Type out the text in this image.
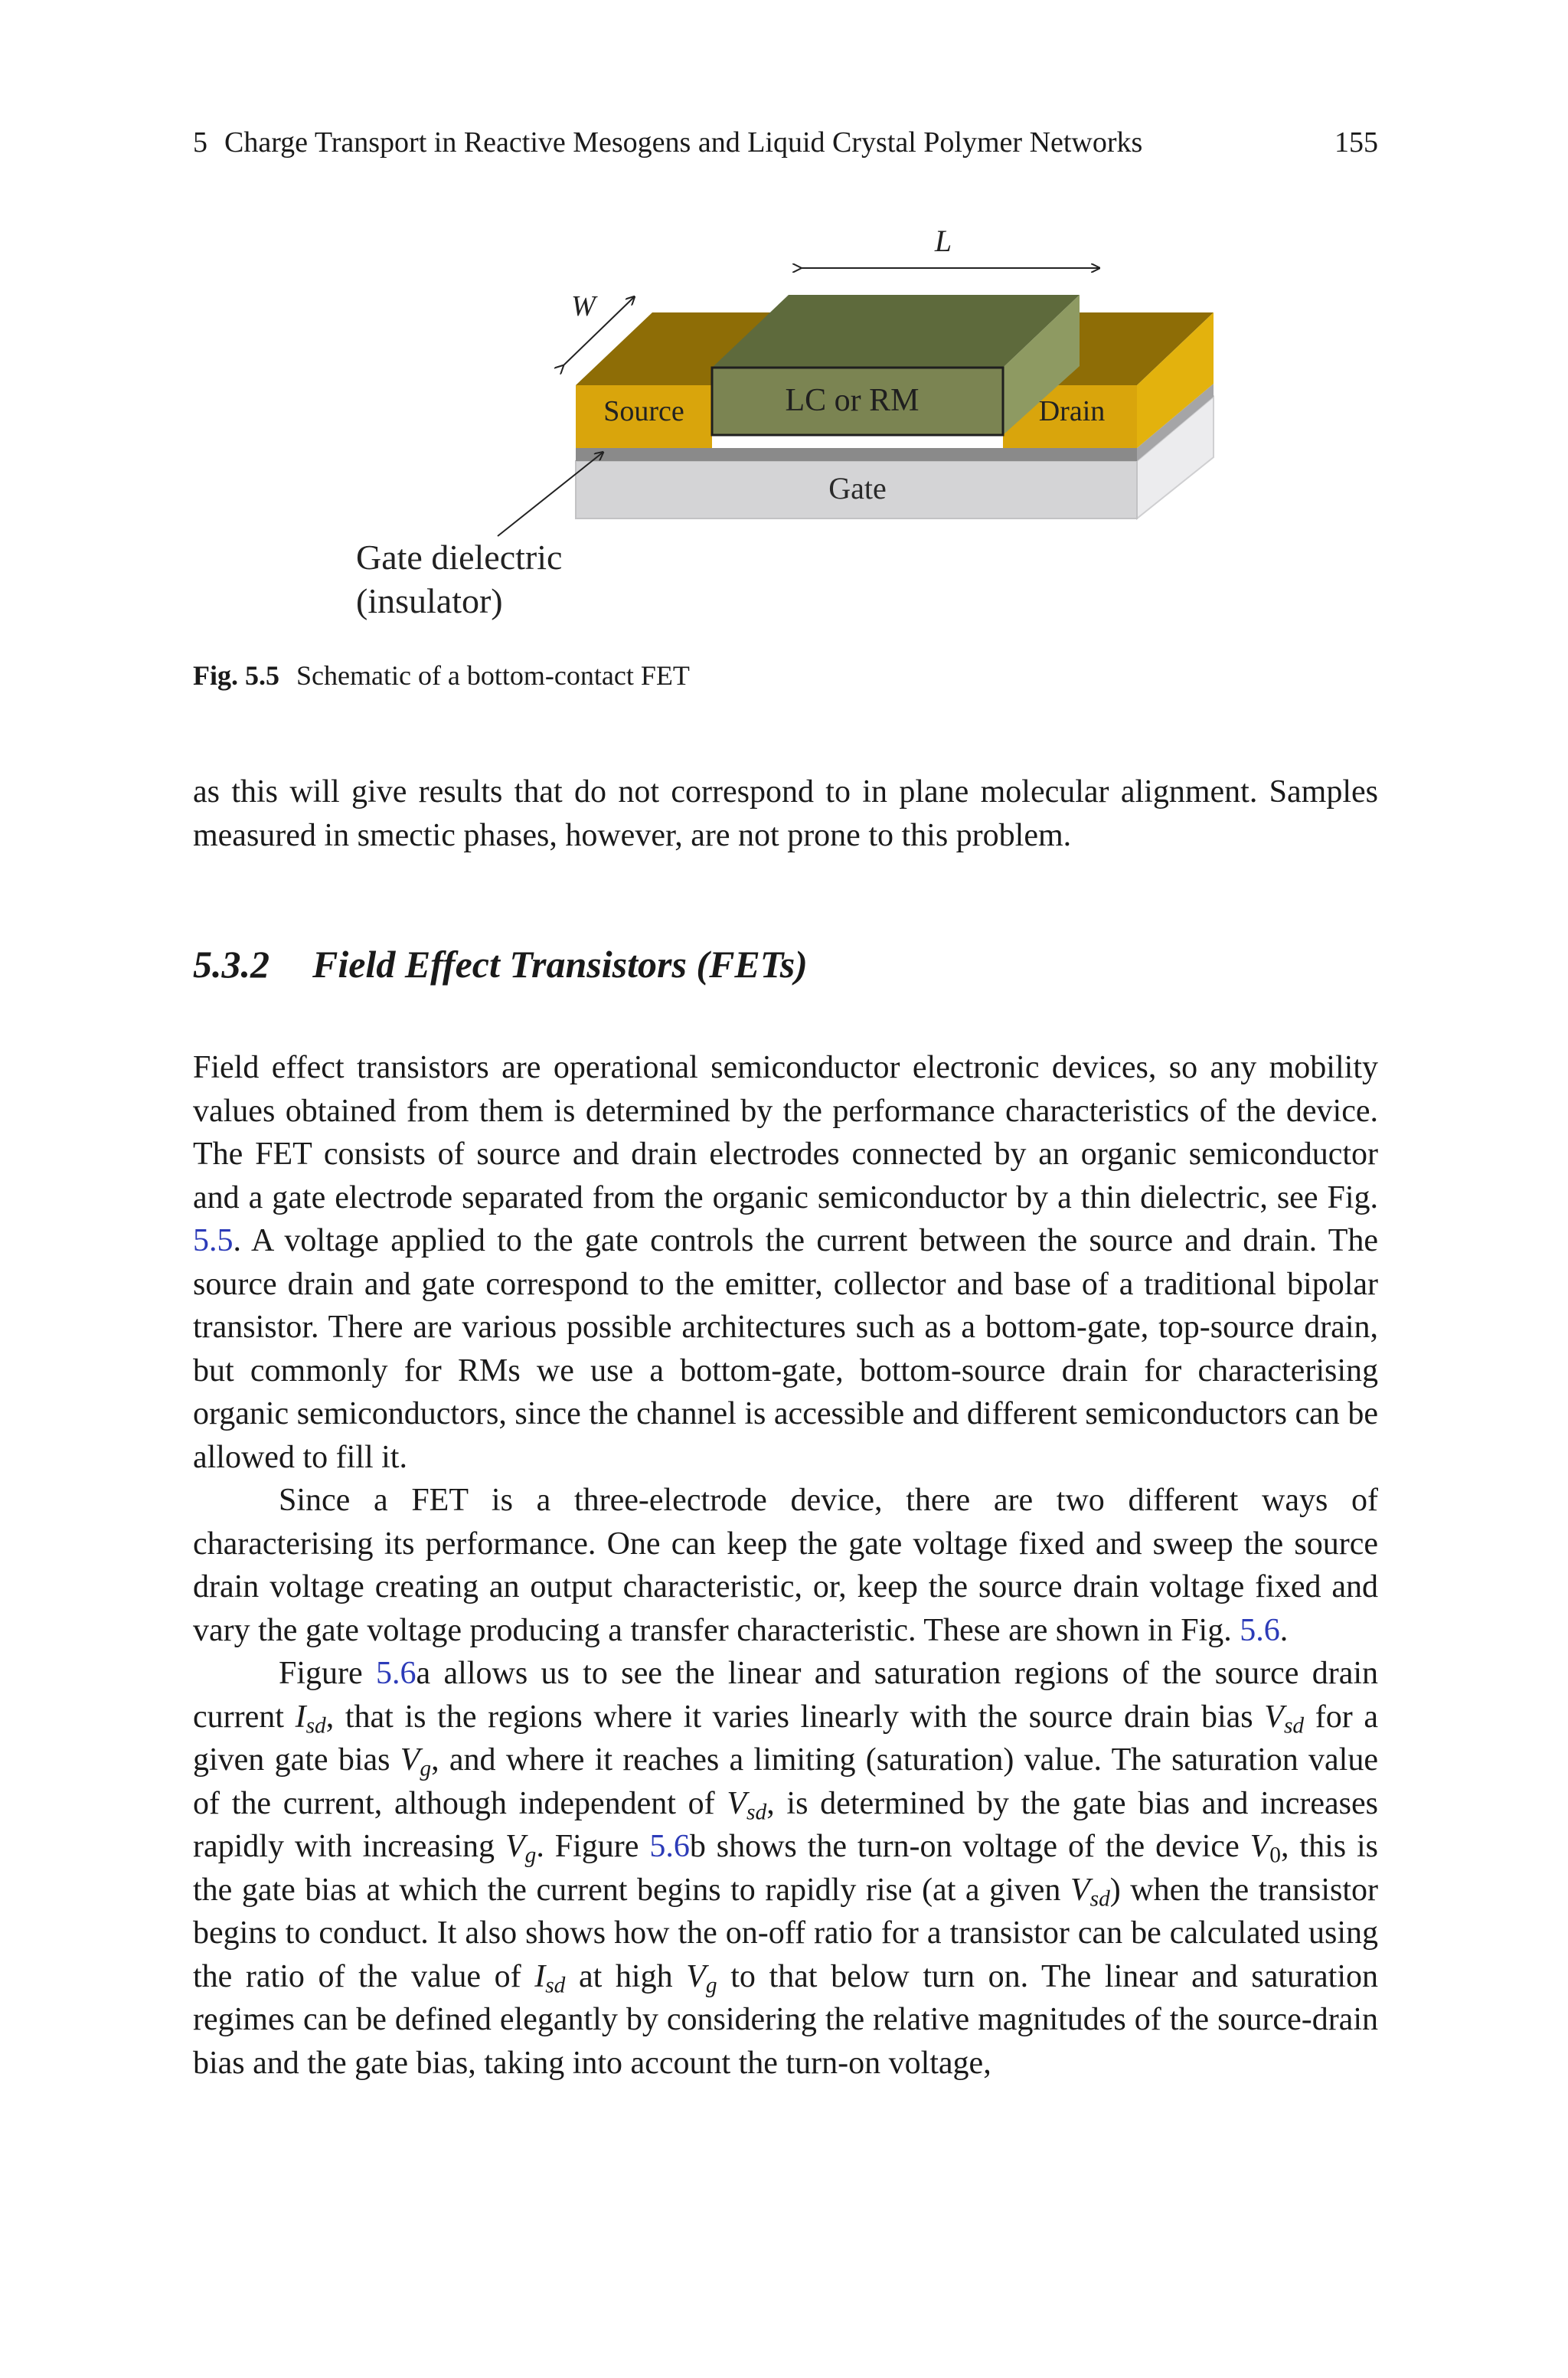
5 Charge Transport in Reactive Mesogens and Liquid Crystal Polymer Networks	155
Source	Drain
LC or RM
Gate
L
W
Gate dielectric
(insulator)
Fig. 5.5 Schematic of a bottom-contact FET

as this will give results that do not correspond to in plane molecular alignment. Samples measured in smectic phases, however, are not prone to this problem.

5.3.2 Field Effect Transistors (FETs)

Field effect transistors are operational semiconductor electronic devices, so any mobility values obtained from them is determined by the performance characteristics of the device. The FET consists of source and drain electrodes connected by an organic semiconductor and a gate electrode separated from the organic semiconductor by a thin dielectric, see Fig. 5.5. A voltage applied to the gate controls the current between the source and drain. The source drain and gate correspond to the emitter, collector and base of a traditional bipolar transistor. There are various possible architectures such as a bottom-gate, top-source drain, but commonly for RMs we use a bottom-gate, bottom-source drain for characterising organic semiconductors, since the channel is accessible and different semiconductors can be allowed to fill it.

Since a FET is a three-electrode device, there are two different ways of characterising its performance. One can keep the gate voltage fixed and sweep the source drain voltage creating an output characteristic, or, keep the source drain voltage fixed and vary the gate voltage producing a transfer characteristic. These are shown in Fig. 5.6.

Figure 5.6a allows us to see the linear and saturation regions of the source drain current $I_{sd}$, that is the regions where it varies linearly with the source drain bias $V_{sd}$ for a given gate bias $V_g$, and where it reaches a limiting (saturation) value. The saturation value of the current, although independent of $V_{sd}$, is determined by the gate bias and increases rapidly with increasing $V_g$. Figure 5.6b shows the turn-on voltage of the device $V_0$, this is the gate bias at which the current begins to rapidly rise (at a given $V_{sd}$) when the transistor begins to conduct. It also shows how the on-off ratio for a transistor can be calculated using the ratio of the value of $I_{sd}$ at high $V_g$ to that below turn on. The linear and saturation regimes can be defined elegantly by considering the relative magnitudes of the source-drain bias and the gate bias, taking into account the turn-on voltage,
